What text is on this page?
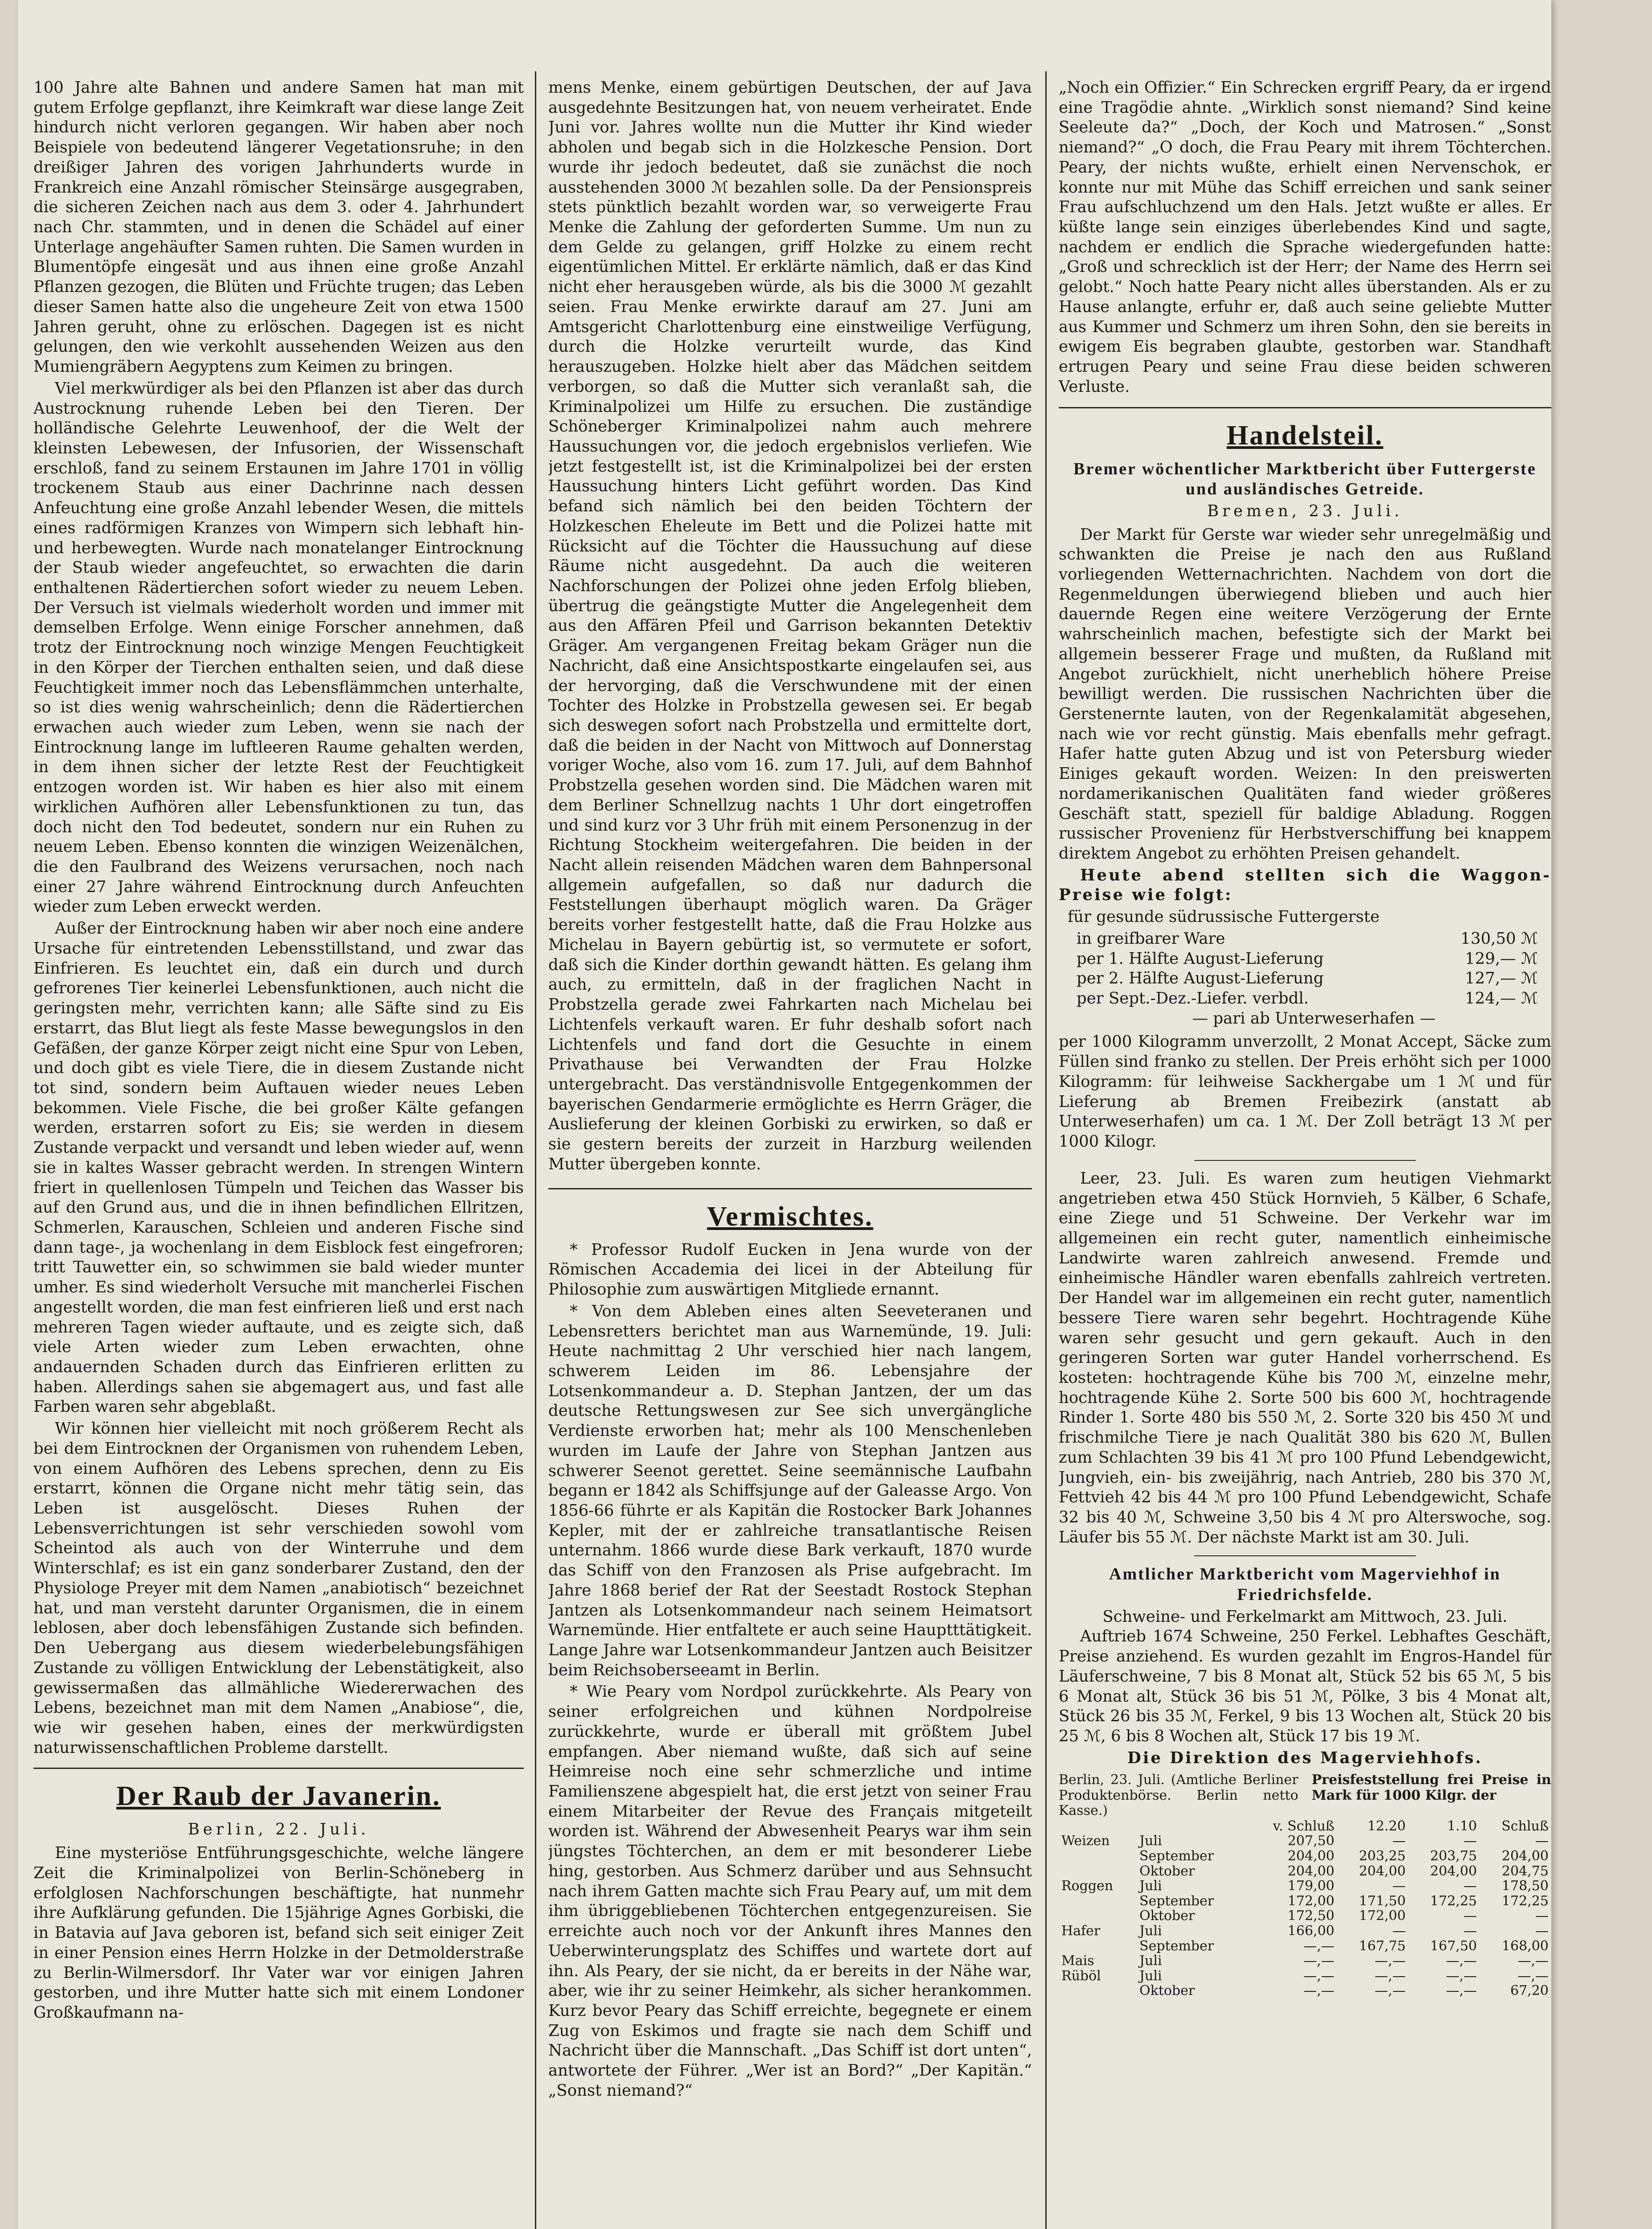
100 Jahre alte Bahnen und andere Samen hat man mit gutem Erfolge gepflanzt, ihre Keimkraft war diese lange Zeit hindurch nicht verloren gegangen. Wir haben aber noch Beispiele von bedeutend längerer Vegetationsruhe; in den dreißiger Jahren des vorigen Jahrhunderts wurde in Frankreich eine Anzahl römischer Steinsärge ausgegraben, die sicheren Zeichen nach aus dem 3. oder 4. Jahrhundert nach Chr. stammten, und in denen die Schädel auf einer Unterlage angehäufter Samen ruhten. Die Samen wurden in Blumentöpfe eingesät und aus ihnen eine große Anzahl Pflanzen gezogen, die Blüten und Früchte trugen; das Leben dieser Samen hatte also die ungeheure Zeit von etwa 1500 Jahren geruht, ohne zu erlöschen. Dagegen ist es nicht gelungen, den wie verkohlt aussehenden Weizen aus den Mumiengräbern Aegyptens zum Keimen zu bringen.

Viel merkwürdiger als bei den Pflanzen ist aber das durch Austrocknung ruhende Leben bei den Tieren. Der holländische Gelehrte Leuwenhoof, der die Welt der kleinsten Lebewesen, der Infusorien, der Wissenschaft erschloß, fand zu seinem Erstaunen im Jahre 1701 in völlig trockenem Staub aus einer Dachrinne nach dessen Anfeuchtung eine große Anzahl lebender Wesen, die mittels eines radförmigen Kranzes von Wimpern sich lebhaft hin- und herbewegten. Wurde nach monatelanger Eintrocknung der Staub wieder angefeuchtet, so erwachten die darin enthaltenen Rädertierchen sofort wieder zu neuem Leben. Der Versuch ist vielmals wiederholt worden und immer mit demselben Erfolge. Wenn einige Forscher annehmen, daß trotz der Eintrocknung noch winzige Mengen Feuchtigkeit in den Körper der Tierchen enthalten seien, und daß diese Feuchtigkeit immer noch das Lebensflämmchen unterhalte, so ist dies wenig wahrscheinlich; denn die Rädertierchen erwachen auch wieder zum Leben, wenn sie nach der Eintrocknung lange im luftleeren Raume gehalten werden, in dem ihnen sicher der letzte Rest der Feuchtigkeit entzogen worden ist. Wir haben es hier also mit einem wirklichen Aufhören aller Lebensfunktionen zu tun, das doch nicht den Tod bedeutet, sondern nur ein Ruhen zu neuem Leben. Ebenso konnten die winzigen Weizenälchen, die den Faulbrand des Weizens verursachen, noch nach einer 27 Jahre während Eintrocknung durch Anfeuchten wieder zum Leben erweckt werden.

Außer der Eintrocknung haben wir aber noch eine andere Ursache für eintretenden Lebensstillstand, und zwar das Einfrieren. Es leuchtet ein, daß ein durch und durch gefrorenes Tier keinerlei Lebensfunktionen, auch nicht die geringsten mehr, verrichten kann; alle Säfte sind zu Eis erstarrt, das Blut liegt als feste Masse bewegungslos in den Gefäßen, der ganze Körper zeigt nicht eine Spur von Leben, und doch gibt es viele Tiere, die in diesem Zustande nicht tot sind, sondern beim Auftauen wieder neues Leben bekommen. Viele Fische, die bei großer Kälte gefangen werden, erstarren sofort zu Eis; sie werden in diesem Zustande verpackt und versandt und leben wieder auf, wenn sie in kaltes Wasser gebracht werden. In strengen Wintern friert in quellenlosen Tümpeln und Teichen das Wasser bis auf den Grund aus, und die in ihnen befindlichen Ellritzen, Schmerlen, Karauschen, Schleien und anderen Fische sind dann tage-, ja wochenlang in dem Eisblock fest eingefroren; tritt Tauwetter ein, so schwimmen sie bald wieder munter umher. Es sind wiederholt Versuche mit mancherlei Fischen angestellt worden, die man fest einfrieren ließ und erst nach mehreren Tagen wieder auftaute, und es zeigte sich, daß viele Arten wieder zum Leben erwachten, ohne andauernden Schaden durch das Einfrieren erlitten zu haben. Allerdings sahen sie abgemagert aus, und fast alle Farben waren sehr abgeblaßt.

Wir können hier vielleicht mit noch größerem Recht als bei dem Eintrocknen der Organismen von ruhendem Leben, von einem Aufhören des Lebens sprechen, denn zu Eis erstarrt, können die Organe nicht mehr tätig sein, das Leben ist ausgelöscht. Dieses Ruhen der Lebensverrichtungen ist sehr verschieden sowohl vom Scheintod als auch von der Winterruhe und dem Winterschlaf; es ist ein ganz sonderbarer Zustand, den der Physiologe Preyer mit dem Namen „anabiotisch“ bezeichnet hat, und man versteht darunter Organismen, die in einem leblosen, aber doch lebensfähigen Zustande sich befinden. Den Uebergang aus diesem wiederbelebungsfähigen Zustande zu völligen Entwicklung der Lebenstätigkeit, also gewissermaßen das allmähliche Wiedererwachen des Lebens, bezeichnet man mit dem Namen „Anabiose“, die, wie wir gesehen haben, eines der merkwürdigsten naturwissenschaftlichen Probleme darstellt.

Der Raub der Javanerin.
Berlin, 22. Juli.

Eine mysteriöse Entführungsgeschichte, welche längere Zeit die Kriminalpolizei von Berlin-Schöneberg in erfolglosen Nachforschungen beschäftigte, hat nunmehr ihre Aufklärung gefunden. Die 15jährige Agnes Gorbiski, die in Batavia auf Java geboren ist, befand sich seit einiger Zeit in einer Pension eines Herrn Holzke in der Detmolderstraße zu Berlin-Wilmersdorf. Ihr Vater war vor einigen Jahren gestorben, und ihre Mutter hatte sich mit einem Londoner Großkaufmann na-

mens Menke, einem gebürtigen Deutschen, der auf Java ausgedehnte Besitzungen hat, von neuem verheiratet. Ende Juni vor. Jahres wollte nun die Mutter ihr Kind wieder abholen und begab sich in die Holzkesche Pension. Dort wurde ihr jedoch bedeutet, daß sie zunächst die noch ausstehenden 3000 ℳ bezahlen solle. Da der Pensionspreis stets pünktlich bezahlt worden war, so verweigerte Frau Menke die Zahlung der geforderten Summe. Um nun zu dem Gelde zu gelangen, griff Holzke zu einem recht eigentümlichen Mittel. Er erklärte nämlich, daß er das Kind nicht eher herausgeben würde, als bis die 3000 ℳ gezahlt seien. Frau Menke erwirkte darauf am 27. Juni am Amtsgericht Charlottenburg eine einstweilige Verfügung, durch die Holzke verurteilt wurde, das Kind herauszugeben. Holzke hielt aber das Mädchen seitdem verborgen, so daß die Mutter sich veranlaßt sah, die Kriminalpolizei um Hilfe zu ersuchen. Die zuständige Schöneberger Kriminalpolizei nahm auch mehrere Haussuchungen vor, die jedoch ergebnislos verliefen. Wie jetzt festgestellt ist, ist die Kriminalpolizei bei der ersten Haussuchung hinters Licht geführt worden. Das Kind befand sich nämlich bei den beiden Töchtern der Holzkeschen Eheleute im Bett und die Polizei hatte mit Rücksicht auf die Töchter die Haussuchung auf diese Räume nicht ausgedehnt. Da auch die weiteren Nachforschungen der Polizei ohne jeden Erfolg blieben, übertrug die geängstigte Mutter die Angelegenheit dem aus den Affären Pfeil und Garrison bekannten Detektiv Gräger. Am vergangenen Freitag bekam Gräger nun die Nachricht, daß eine Ansichtspostkarte eingelaufen sei, aus der hervorging, daß die Verschwundene mit der einen Tochter des Holzke in Probstzella gewesen sei. Er begab sich deswegen sofort nach Probstzella und ermittelte dort, daß die beiden in der Nacht von Mittwoch auf Donnerstag voriger Woche, also vom 16. zum 17. Juli, auf dem Bahnhof Probstzella gesehen worden sind. Die Mädchen waren mit dem Berliner Schnellzug nachts 1 Uhr dort eingetroffen und sind kurz vor 3 Uhr früh mit einem Personenzug in der Richtung Stockheim weitergefahren. Die beiden in der Nacht allein reisenden Mädchen waren dem Bahnpersonal allgemein aufgefallen, so daß nur dadurch die Feststellungen überhaupt möglich waren. Da Gräger bereits vorher festgestellt hatte, daß die Frau Holzke aus Michelau in Bayern gebürtig ist, so vermutete er sofort, daß sich die Kinder dorthin gewandt hätten. Es gelang ihm auch, zu ermitteln, daß in der fraglichen Nacht in Probstzella gerade zwei Fahrkarten nach Michelau bei Lichtenfels verkauft waren. Er fuhr deshalb sofort nach Lichtenfels und fand dort die Gesuchte in einem Privathause bei Verwandten der Frau Holzke untergebracht. Das verständnisvolle Entgegenkommen der bayerischen Gendarmerie ermöglichte es Herrn Gräger, die Auslieferung der kleinen Gorbiski zu erwirken, so daß er sie gestern bereits der zurzeit in Harzburg weilenden Mutter übergeben konnte.

Vermischtes.

* Professor Rudolf Eucken in Jena wurde von der Römischen Accademia dei licei in der Abteilung für Philosophie zum auswärtigen Mitgliede ernannt.

* Von dem Ableben eines alten Seeveteranen und Lebensretters berichtet man aus Warnemünde, 19. Juli: Heute nachmittag 2 Uhr verschied hier nach langem, schwerem Leiden im 86. Lebensjahre der Lotsenkommandeur a. D. Stephan Jantzen, der um das deutsche Rettungswesen zur See sich unvergängliche Verdienste erworben hat; mehr als 100 Menschenleben wurden im Laufe der Jahre von Stephan Jantzen aus schwerer Seenot gerettet. Seine seemännische Laufbahn begann er 1842 als Schiffsjunge auf der Galeasse Argo. Von 1856-66 führte er als Kapitän die Rostocker Bark Johannes Kepler, mit der er zahlreiche transatlantische Reisen unternahm. 1866 wurde diese Bark verkauft, 1870 wurde das Schiff von den Franzosen als Prise aufgebracht. Im Jahre 1868 berief der Rat der Seestadt Rostock Stephan Jantzen als Lotsenkommandeur nach seinem Heimatsort Warnemünde. Hier entfaltete er auch seine Hauptttätigkeit. Lange Jahre war Lotsenkommandeur Jantzen auch Beisitzer beim Reichsoberseeamt in Berlin.

* Wie Peary vom Nordpol zurückkehrte. Als Peary von seiner erfolgreichen und kühnen Nordpolreise zurückkehrte, wurde er überall mit größtem Jubel empfangen. Aber niemand wußte, daß sich auf seine Heimreise noch eine sehr schmerzliche und intime Familienszene abgespielt hat, die erst jetzt von seiner Frau einem Mitarbeiter der Revue des Français mitgeteilt worden ist. Während der Abwesenheit Pearys war ihm sein jüngstes Töchterchen, an dem er mit besonderer Liebe hing, gestorben. Aus Schmerz darüber und aus Sehnsucht nach ihrem Gatten machte sich Frau Peary auf, um mit dem ihm übriggebliebenen Töchterchen entgegenzureisen. Sie erreichte auch noch vor der Ankunft ihres Mannes den Ueberwinterungsplatz des Schiffes und wartete dort auf ihn. Als Peary, der sie nicht, da er bereits in der Nähe war, aber, wie ihr zu seiner Heimkehr, als sicher herankommen. Kurz bevor Peary das Schiff erreichte, begegnete er einem Zug von Eskimos und fragte sie nach dem Schiff und Nachricht über die Mannschaft. „Das Schiff ist dort unten“, antwortete der Führer. „Wer ist an Bord?“ „Der Kapitän.“ „Sonst niemand?“

„Noch ein Offizier.“ Ein Schrecken ergriff Peary, da er irgend eine Tragödie ahnte. „Wirklich sonst niemand? Sind keine Seeleute da?“ „Doch, der Koch und Matrosen.“ „Sonst niemand?“ „O doch, die Frau Peary mit ihrem Töchterchen. Peary, der nichts wußte, erhielt einen Nervenschok, er konnte nur mit Mühe das Schiff erreichen und sank seiner Frau aufschluchzend um den Hals. Jetzt wußte er alles. Er küßte lange sein einziges überlebendes Kind und sagte, nachdem er endlich die Sprache wiedergefunden hatte: „Groß und schrecklich ist der Herr; der Name des Herrn sei gelobt.“ Noch hatte Peary nicht alles überstanden. Als er zu Hause anlangte, erfuhr er, daß auch seine geliebte Mutter aus Kummer und Schmerz um ihren Sohn, den sie bereits in ewigem Eis begraben glaubte, gestorben war. Standhaft ertrugen Peary und seine Frau diese beiden schweren Verluste.

Handelsteil.
Bremer wöchentlicher Marktbericht über Futtergerste und ausländisches Getreide.
Bremen, 23. Juli.

Der Markt für Gerste war wieder sehr unregelmäßig und schwankten die Preise je nach den aus Rußland vorliegenden Wetternachrichten. Nachdem von dort die Regenmeldungen überwiegend blieben und auch hier dauernde Regen eine weitere Verzögerung der Ernte wahrscheinlich machen, befestigte sich der Markt bei allgemein besserer Frage und mußten, da Rußland mit Angebot zurückhielt, nicht unerheblich höhere Preise bewilligt werden. Die russischen Nachrichten über die Gerstenernte lauten, von der Regenkalamität abgesehen, nach wie vor recht günstig. Mais ebenfalls mehr gefragt. Hafer hatte guten Abzug und ist von Petersburg wieder Einiges gekauft worden. Weizen: In den preiswerten nordamerikanischen Qualitäten fand wieder größeres Geschäft statt, speziell für baldige Abladung. Roggen russischer Provenienz für Herbstverschiffung bei knappem direktem Angebot zu erhöhten Preisen gehandelt.

Heute abend stellten sich die Waggon-Preise wie folgt:

für gesunde südrussische Futtergerste
in greifbarer Ware	130,50 ℳ
per 1. Hälfte August-Lieferung	129,— ℳ
per 2. Hälfte August-Lieferung	127,— ℳ
per Sept.-Dez.-Liefer. verbdl.	124,— ℳ
— pari ab Unterweserhafen —

per 1000 Kilogramm unverzollt, 2 Monat Accept, Säcke zum Füllen sind franko zu stellen. Der Preis erhöht sich per 1000 Kilogramm: für leihweise Sackhergabe um 1 ℳ und für Lieferung ab Bremen Freibezirk (anstatt ab Unterweserhafen) um ca. 1 ℳ. Der Zoll beträgt 13 ℳ per 1000 Kilogr.

Leer, 23. Juli. Es waren zum heutigen Viehmarkt angetrieben etwa 450 Stück Hornvieh, 5 Kälber, 6 Schafe, eine Ziege und 51 Schweine. Der Verkehr war im allgemeinen ein recht guter, namentlich einheimische Landwirte waren zahlreich anwesend. Fremde und einheimische Händler waren ebenfalls zahlreich vertreten. Der Handel war im allgemeinen ein recht guter, namentlich bessere Tiere waren sehr begehrt. Hochtragende Kühe waren sehr gesucht und gern gekauft. Auch in den geringeren Sorten war guter Handel vorherrschend. Es kosteten: hochtragende Kühe bis 700 ℳ, einzelne mehr, hochtragende Kühe 2. Sorte 500 bis 600 ℳ, hochtragende Rinder 1. Sorte 480 bis 550 ℳ, 2. Sorte 320 bis 450 ℳ und frischmilche Tiere je nach Qualität 380 bis 620 ℳ, Bullen zum Schlachten 39 bis 41 ℳ pro 100 Pfund Lebendgewicht, Jungvieh, ein- bis zweijährig, nach Antrieb, 280 bis 370 ℳ, Fettvieh 42 bis 44 ℳ pro 100 Pfund Lebendgewicht, Schafe 32 bis 40 ℳ, Schweine 3,50 bis 4 ℳ pro Alterswoche, sog. Läufer bis 55 ℳ. Der nächste Markt ist am 30. Juli.

Amtlicher Marktbericht vom Magerviehhof in Friedrichsfelde.
Schweine- und Ferkelmarkt am Mittwoch, 23. Juli.

Auftrieb 1674 Schweine, 250 Ferkel. Lebhaftes Geschäft, Preise anziehend. Es wurden gezahlt im Engros-Handel für Läuferschweine, 7 bis 8 Monat alt, Stück 52 bis 65 ℳ, 5 bis 6 Monat alt, Stück 36 bis 51 ℳ, Pölke, 3 bis 4 Monat alt, Stück 26 bis 35 ℳ, Ferkel, 9 bis 13 Wochen alt, Stück 20 bis 25 ℳ, 6 bis 8 Wochen alt, Stück 17 bis 19 ℳ.

Die Direktion des Magerviehhofs.
Berlin, 23. Juli. (Amtliche Berliner Produktenbörse. Berlin netto Kasse.)
Preisfeststellung frei Preise in Mark für 1000 Kilgr. der
		v. Schluß	12.20	1.10	Schluß
Weizen	Juli	207,50	—	—	—
	September	204,00	203,25	203,75	204,00
	Oktober	204,00	204,00	204,00	204,75
Roggen	Juli	179,00	—	—	178,50
	September	172,00	171,50	172,25	172,25
	Oktober	172,50	172,00	—	—
Hafer	Juli	166,00	—	—	—
	September	—,—	167,75	167,50	168,00
Mais	Juli	—,—	—,—	—,—	—,—
Rüböl	Juli	—,—	—,—	—,—	—,—
	Oktober	—,—	—,—	—,—	67,20
